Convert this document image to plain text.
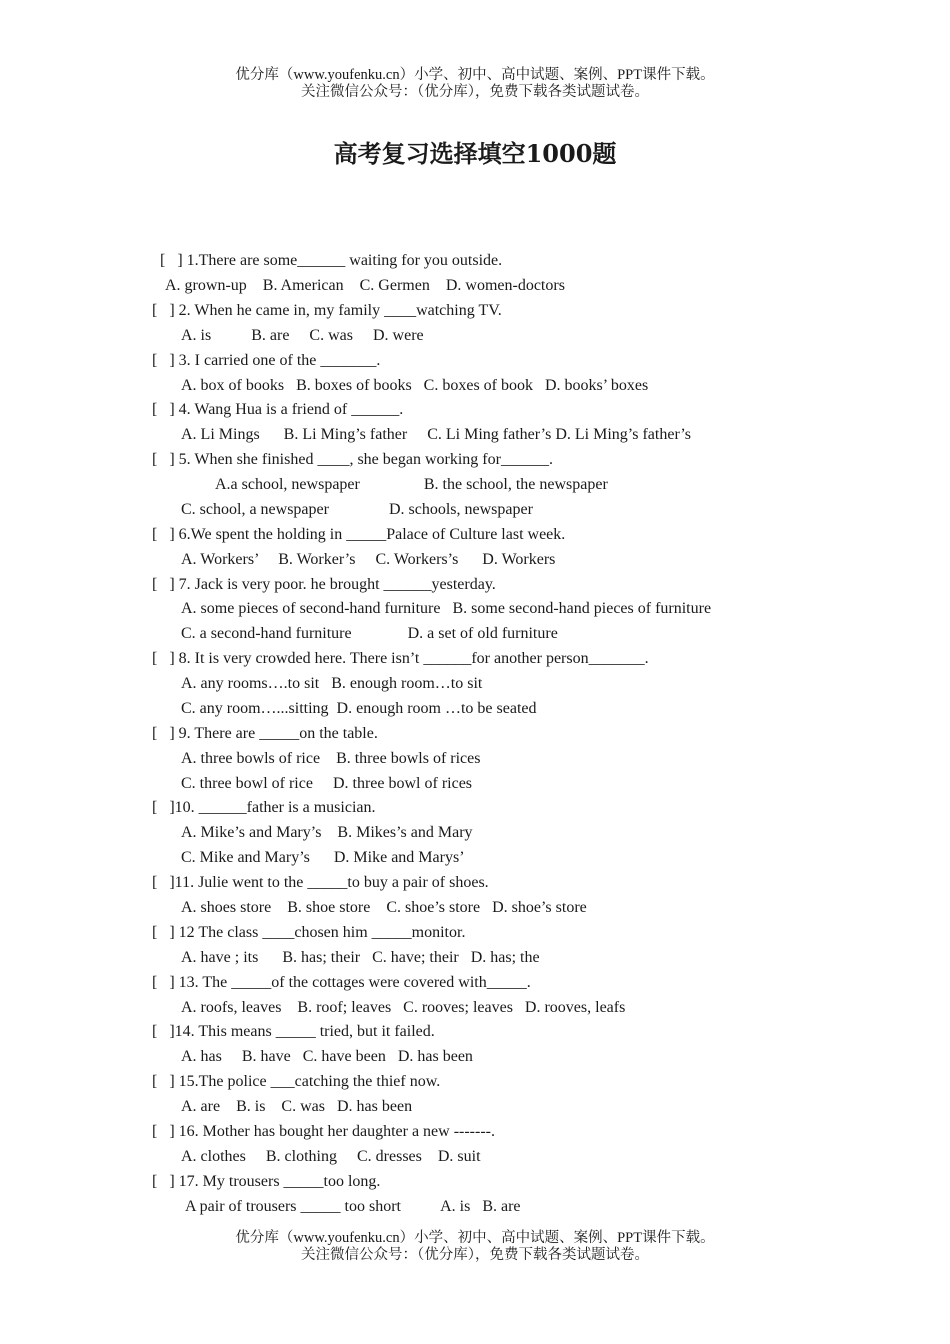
优分库（www.youfenku.cn）小学、初中、高中试题、案例、PPT课件下载。
关注微信公众号：（优分库），免费下载各类试题试卷。
高考复习选择填空1000题
[   ] 1.There are some______ waiting for you outside.
A. grown-up    B. American    C. Germen    D. women-doctors
[   ] 2. When he came in, my family ____watching TV.
A. is          B. are     C. was     D. were
[   ] 3. I carried one of the _______.
A. box of books   B. boxes of books   C. boxes of book   D. books’ boxes
[   ] 4. Wang Hua is a friend of ______.
A. Li Mings      B. Li Ming’s father     C. Li Ming father’s D. Li Ming’s father’s
[   ] 5. When she finished ____, she began working for______.
A.a school, newspaper                B. the school, the newspaper
C. school, a newspaper               D. schools, newspaper
[   ] 6.We spent the holding in _____Palace of Culture last week.
A. Workers’     B. Worker’s     C. Workers’s      D. Workers
[   ] 7. Jack is very poor. he brought ______yesterday.
A. some pieces of second-hand furniture   B. some second-hand pieces of furniture
C. a second-hand furniture              D. a set of old furniture
[   ] 8. It is very crowded here. There isn’t ______for another person_______.
A. any rooms….to sit   B. enough room…to sit
C. any room…...sitting  D. enough room …to be seated
[   ] 9. There are _____on the table.
A. three bowls of rice    B. three bowls of rices
C. three bowl of rice     D. three bowl of rices
[   ]10. ______father is a musician.
A. Mike’s and Mary’s    B. Mikes’s and Mary
C. Mike and Mary’s      D. Mike and Marys’
[   ]11. Julie went to the _____to buy a pair of shoes.
A. shoes store    B. shoe store    C. shoe’s store   D. shoe’s store
[   ] 12 The class ____chosen him _____monitor.
A. have ; its      B. has; their   C. have; their   D. has; the
[   ] 13. The _____of the cottages were covered with_____.
A. roofs, leaves    B. roof; leaves   C. rooves; leaves   D. rooves, leafs
[   ]14. This means _____ tried, but it failed.
A. has     B. have   C. have been   D. has been
[   ] 15.The police ___catching the thief now.
A. are    B. is    C. was   D. has been
[   ] 16. Mother has bought her daughter a new -------.
A. clothes     B. clothing     C. dresses    D. suit
[   ] 17. My trousers _____too long.
A pair of trousers _____ too short          A. is   B. are
优分库（www.youfenku.cn）小学、初中、高中试题、案例、PPT课件下载。
关注微信公众号：（优分库），免费下载各类试题试卷。
